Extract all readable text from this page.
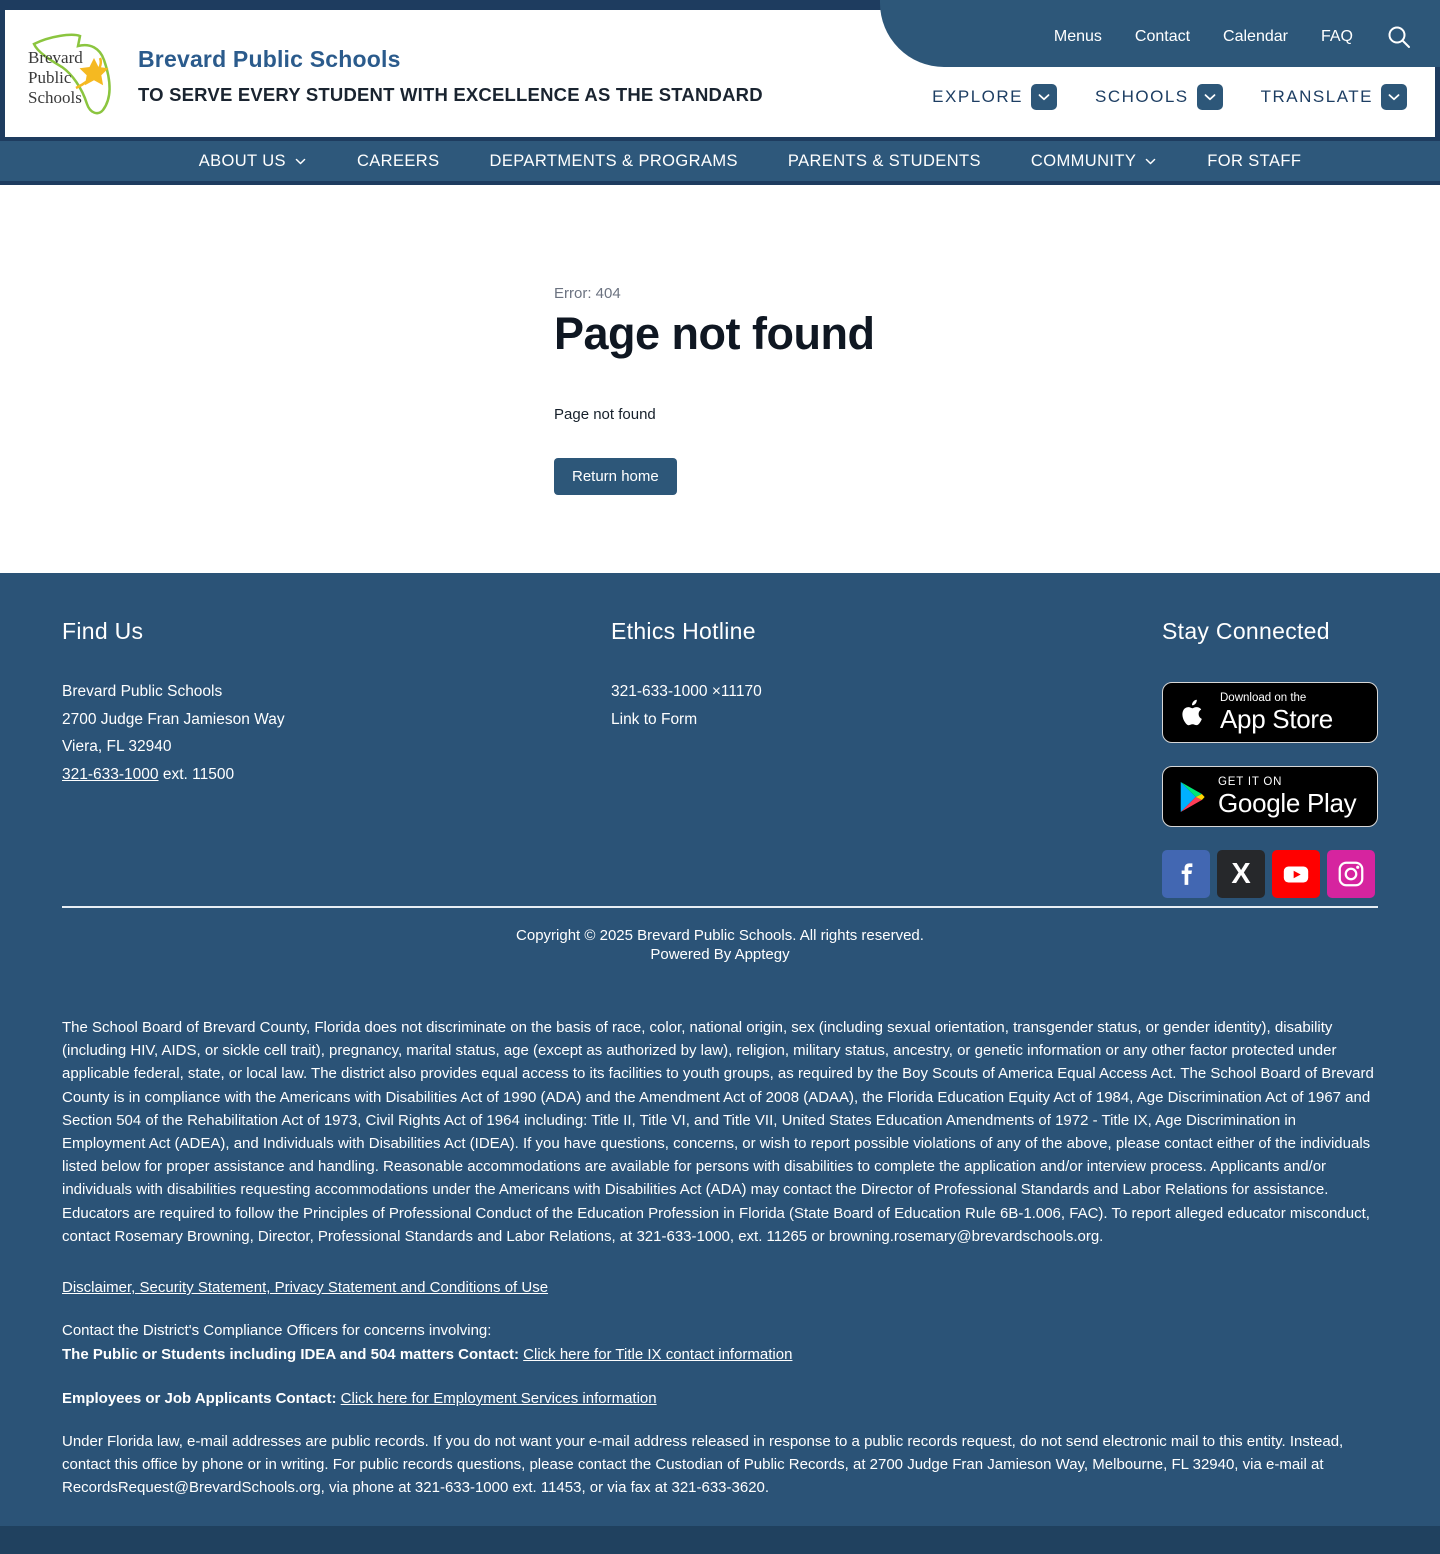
Brevard
Public
Schools
Brevard Public Schools
TO SERVE EVERY STUDENT WITH EXCELLENCE AS THE STANDARD
Menus Contact Calendar FAQ
EXPLORE	SCHOOLS	TRANSLATE
ABOUT US	CAREERS	DEPARTMENTS & PROGRAMS	PARENTS & STUDENTS	COMMUNITY	FOR STAFF
Error: 404
Page not found
Page not found
Return home
Find Us
Brevard Public Schools
2700 Judge Fran Jamieson Way
Viera, FL 32940
321-633-1000 ext. 11500
Ethics Hotline
321-633-1000 ×11170
Link to Form
Stay Connected
Download on the
App Store
GET IT ON
Google Play
X
Copyright © 2025 Brevard Public Schools. All rights reserved.
Powered By Apptegy
The School Board of Brevard County, Florida does not discriminate on the basis of race, color, national origin, sex (including sexual orientation, transgender status, or gender identity), disability (including HIV, AIDS, or sickle cell trait), pregnancy, marital status, age (except as authorized by law), religion, military status, ancestry, or genetic information or any other factor protected under applicable federal, state, or local law. The district also provides equal access to its facilities to youth groups, as required by the Boy Scouts of America Equal Access Act. The School Board of Brevard County is in compliance with the Americans with Disabilities Act of 1990 (ADA) and the Amendment Act of 2008 (ADAA), the Florida Education Equity Act of 1984, Age Discrimination Act of 1967 and Section 504 of the Rehabilitation Act of 1973, Civil Rights Act of 1964 including: Title II, Title VI, and Title VII, United States Education Amendments of 1972 - Title IX, Age Discrimination in Employment Act (ADEA), and Individuals with Disabilities Act (IDEA). If you have questions, concerns, or wish to report possible violations of any of the above, please contact either of the individuals listed below for proper assistance and handling. Reasonable accommodations are available for persons with disabilities to complete the application and/or interview process. Applicants and/or individuals with disabilities requesting accommodations under the Americans with Disabilities Act (ADA) may contact the Director of Professional Standards and Labor Relations for assistance. Educators are required to follow the Principles of Professional Conduct of the Education Profession in Florida (State Board of Education Rule 6B-1.006, FAC). To report alleged educator misconduct, contact Rosemary Browning, Director, Professional Standards and Labor Relations, at 321-633-1000, ext. 11265 or browning.rosemary@brevardschools.org.
Disclaimer, Security Statement, Privacy Statement and Conditions of Use
Contact the District's Compliance Officers for concerns involving:
The Public or Students including IDEA and 504 matters Contact: Click here for Title IX contact information
Employees or Job Applicants Contact: Click here for Employment Services information
Under Florida law, e-mail addresses are public records. If you do not want your e-mail address released in response to a public records request, do not send electronic mail to this entity. Instead, contact this office by phone or in writing. For public records questions, please contact the Custodian of Public Records, at 2700 Judge Fran Jamieson Way, Melbourne, FL 32940, via e-mail at RecordsRequest@BrevardSchools.org, via phone at 321-633-1000 ext. 11453, or via fax at 321-633-3620.
